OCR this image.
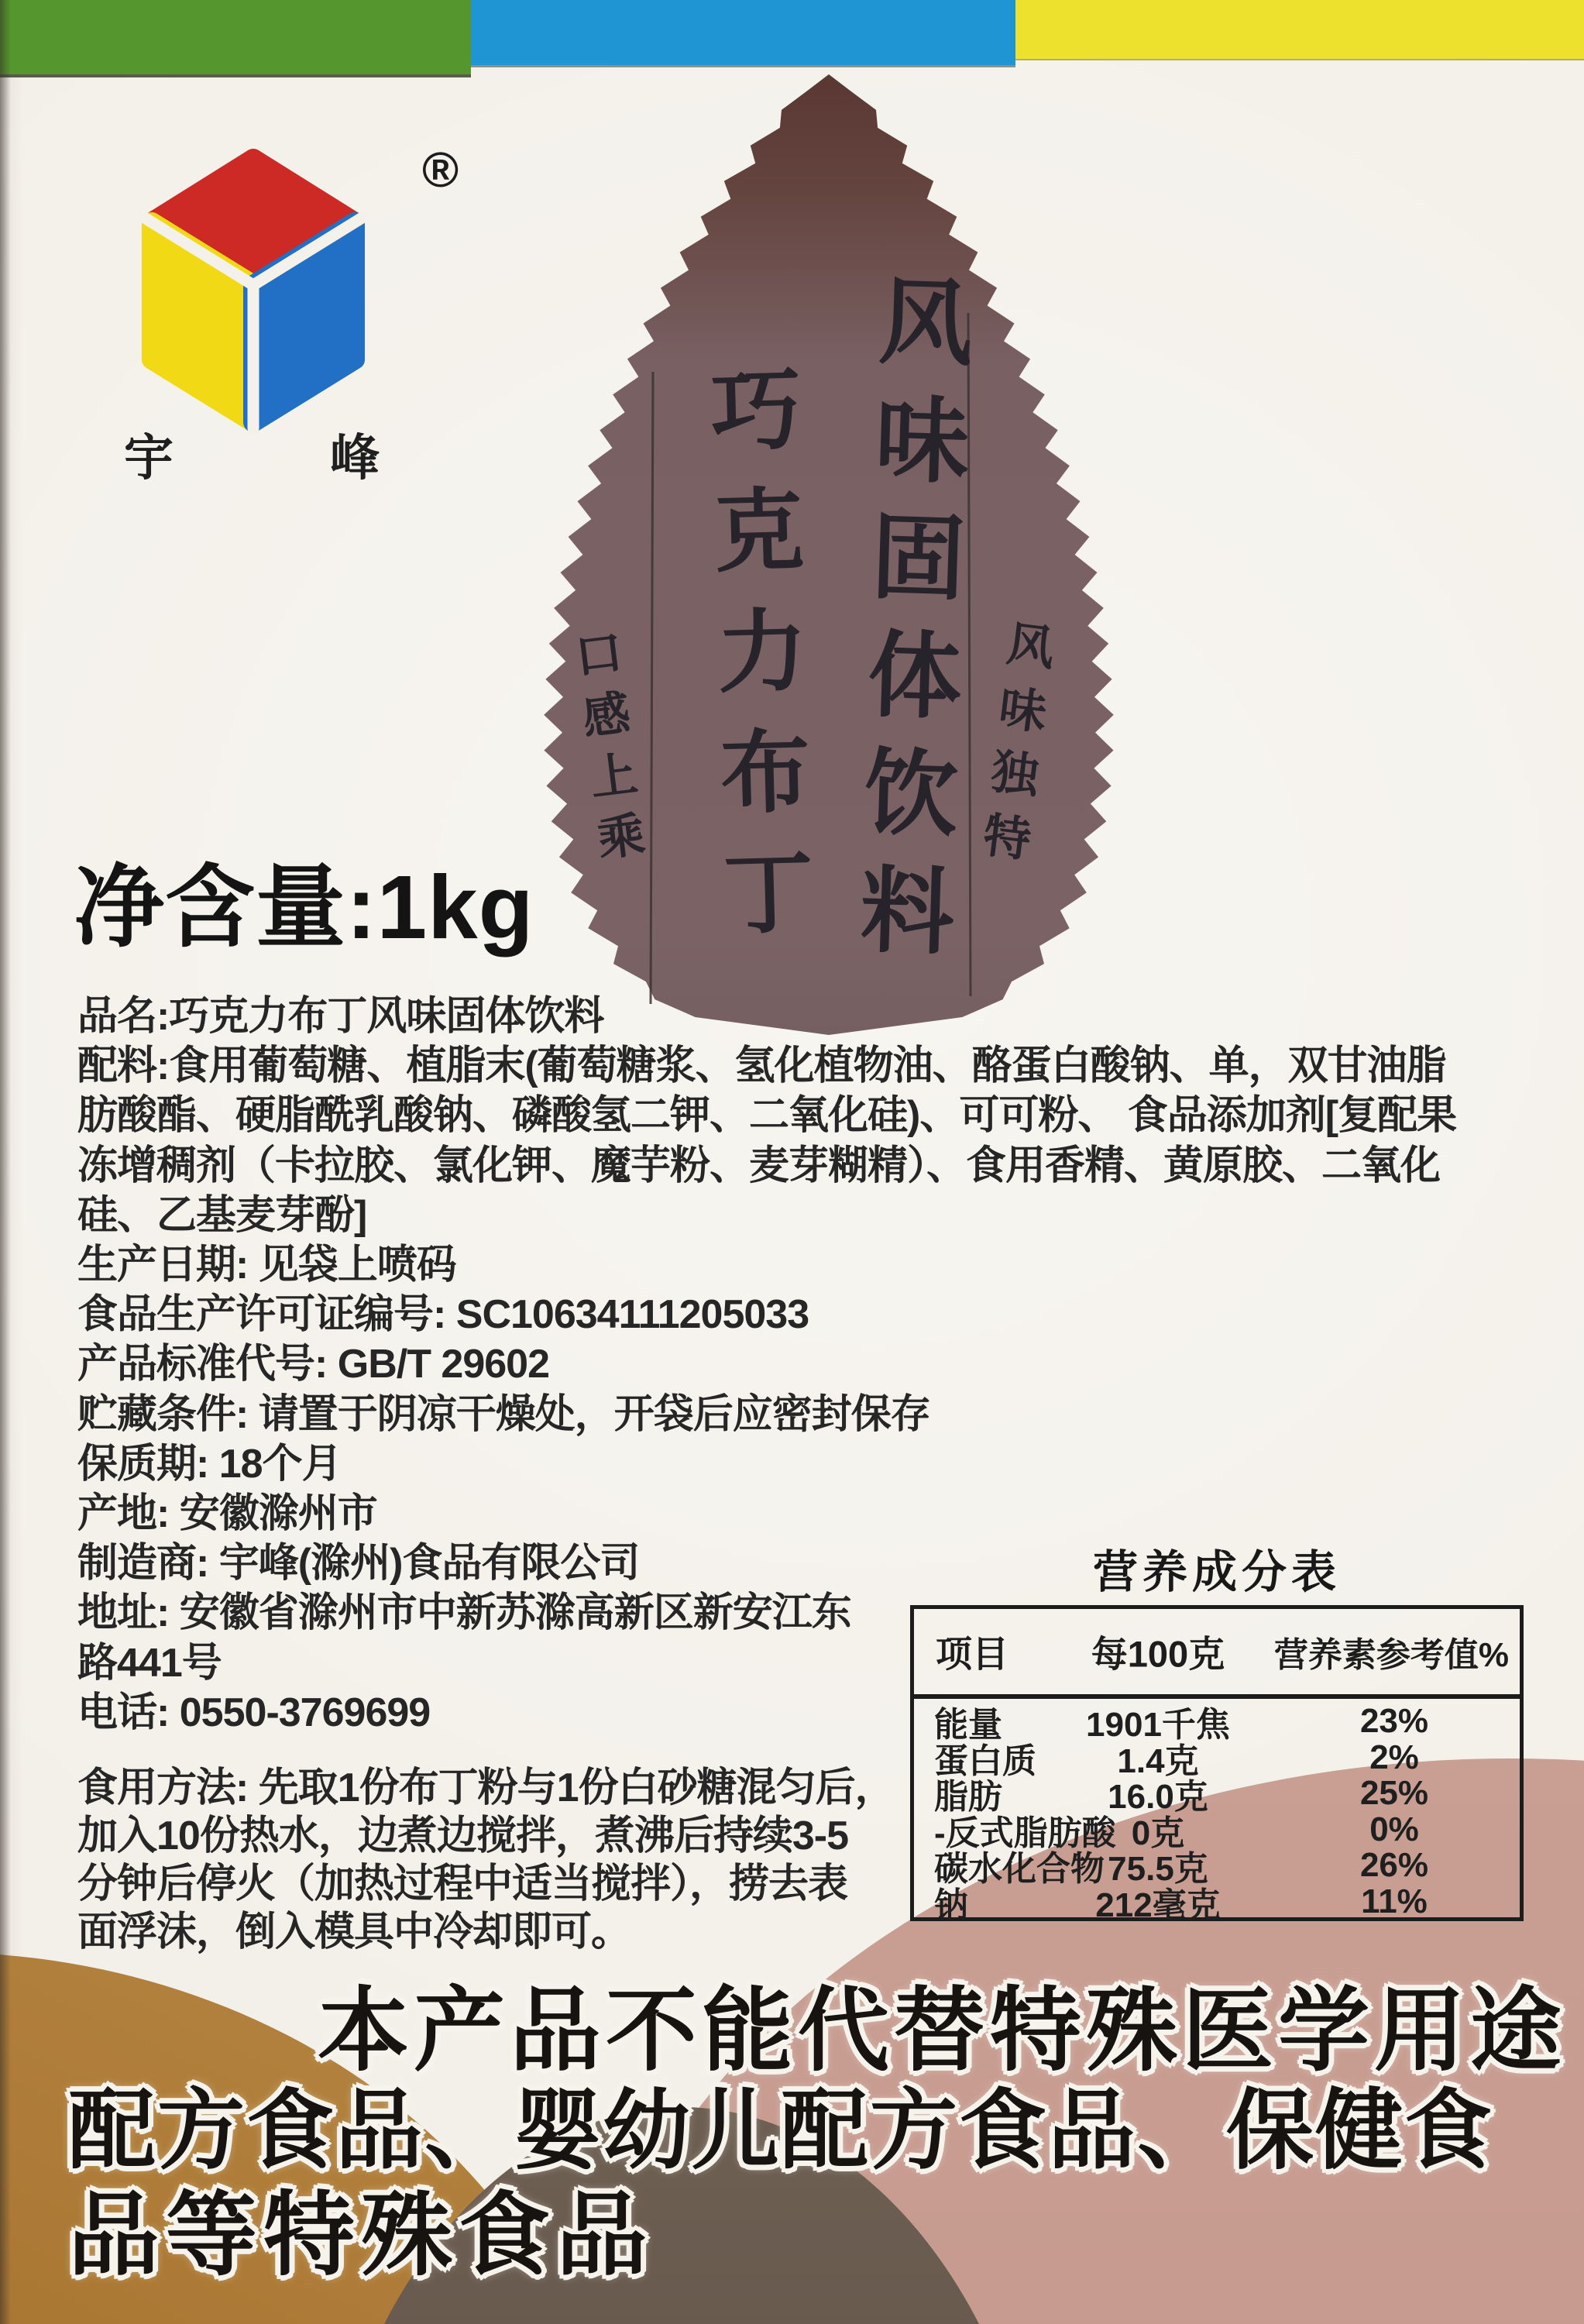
®
宇	峰	巧克力布丁 风味固体饮料
口感上乘	风味独特
净含量:1kg
品名:巧克力布丁风味固体饮料
配料:食用葡萄糖、植脂末(葡萄糖浆、氢化植物油、酪蛋白酸钠、单，双甘油脂
肪酸酯、硬脂酰乳酸钠、磷酸氢二钾、二氧化硅)、可可粉、 食品添加剂[复配果
冻增稠剂（卡拉胶、氯化钾、魔芋粉、麦芽糊精）、食用香精、黄原胶、二氧化
硅、乙基麦芽酚]
生产日期: 见袋上喷码
食品生产许可证编号: SC10634111205033
产品标准代号: GB/T 29602
贮藏条件: 请置于阴凉干燥处，开袋后应密封保存
保质期: 18个月
产地: 安徽滁州市
制造商: 宇峰(滁州)食品有限公司
地址: 安徽省滁州市中新苏滁高新区新安江东
路441号
电话: 0550-3769699
食用方法: 先取1份布丁粉与1份白砂糖混匀后，
加入10份热水，边煮边搅拌，煮沸后持续3-5
分钟后停火（加热过程中适当搅拌），捞去表
面浮沫，倒入模具中冷却即可。
营养成分表
项目	每100克	营养素参考值%
能量	1901千焦	23%
蛋白质	1.4克	2%
脂肪	16.0克	25%
-反式脂肪酸 0克	0%
碳水化合物 75.5克	26%
钠	212毫克	11%
本产品不能代替特殊医学用途
配方食品、婴幼儿配方食品、保健食
品等特殊食品
